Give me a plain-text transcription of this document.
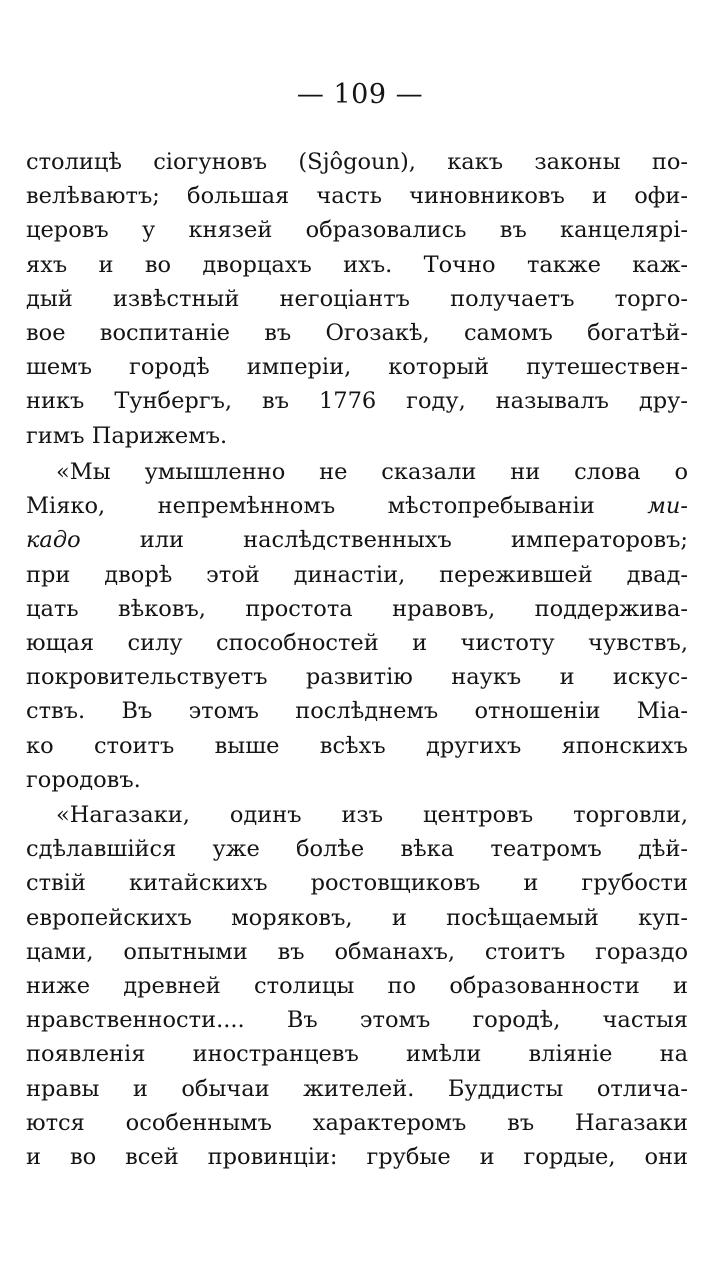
— 109 —
столицѣ сіогуновъ (Sjôgoun), какъ законы по-
велѣваютъ; большая часть чиновниковъ и офи-
церовъ у князей образовались въ канцелярі-
яхъ и во дворцахъ ихъ. Точно также каж-
дый извѣстный негоціантъ получаетъ торго-
вое воспитаніе въ Огозакѣ, самомъ богатѣй-
шемъ городѣ имперіи, который путешествен-
никъ Тунбергъ, въ 1776 году, называлъ дру-
гимъ Парижемъ.
«Мы умышленно не сказали ни слова о
Міяко, непремѣнномъ мѣстопребываніи ми-
кадо	или наслѣдственныхъ императоровъ;
при дворѣ этой династіи, пережившей двад-
цать вѣковъ, простота нравовъ, поддержива-
ющая силу способностей и чистоту чувствъ,
покровительствуетъ развитію наукъ и искус-
ствъ. Въ этомъ послѣднемъ отношеніи Міа-
ко стоитъ выше всѣхъ другихъ японскихъ
городовъ.
«Нагазаки, одинъ изъ центровъ торговли,
сдѣлавшійся уже болѣе вѣка театромъ дѣй-
ствій китайскихъ ростовщиковъ и грубости
европейскихъ моряковъ, и посѣщаемый куп-
цами, опытными въ обманахъ, стоитъ гораздо
ниже древней столицы по образованности и
нравственности.... Въ этомъ городѣ, частыя
появленія иностранцевъ имѣли вліяніе на
нравы и обычаи жителей. Буддисты отлича-
ются особеннымъ характеромъ въ Нагазаки
и во всей провинціи: грубые и гордые, они
